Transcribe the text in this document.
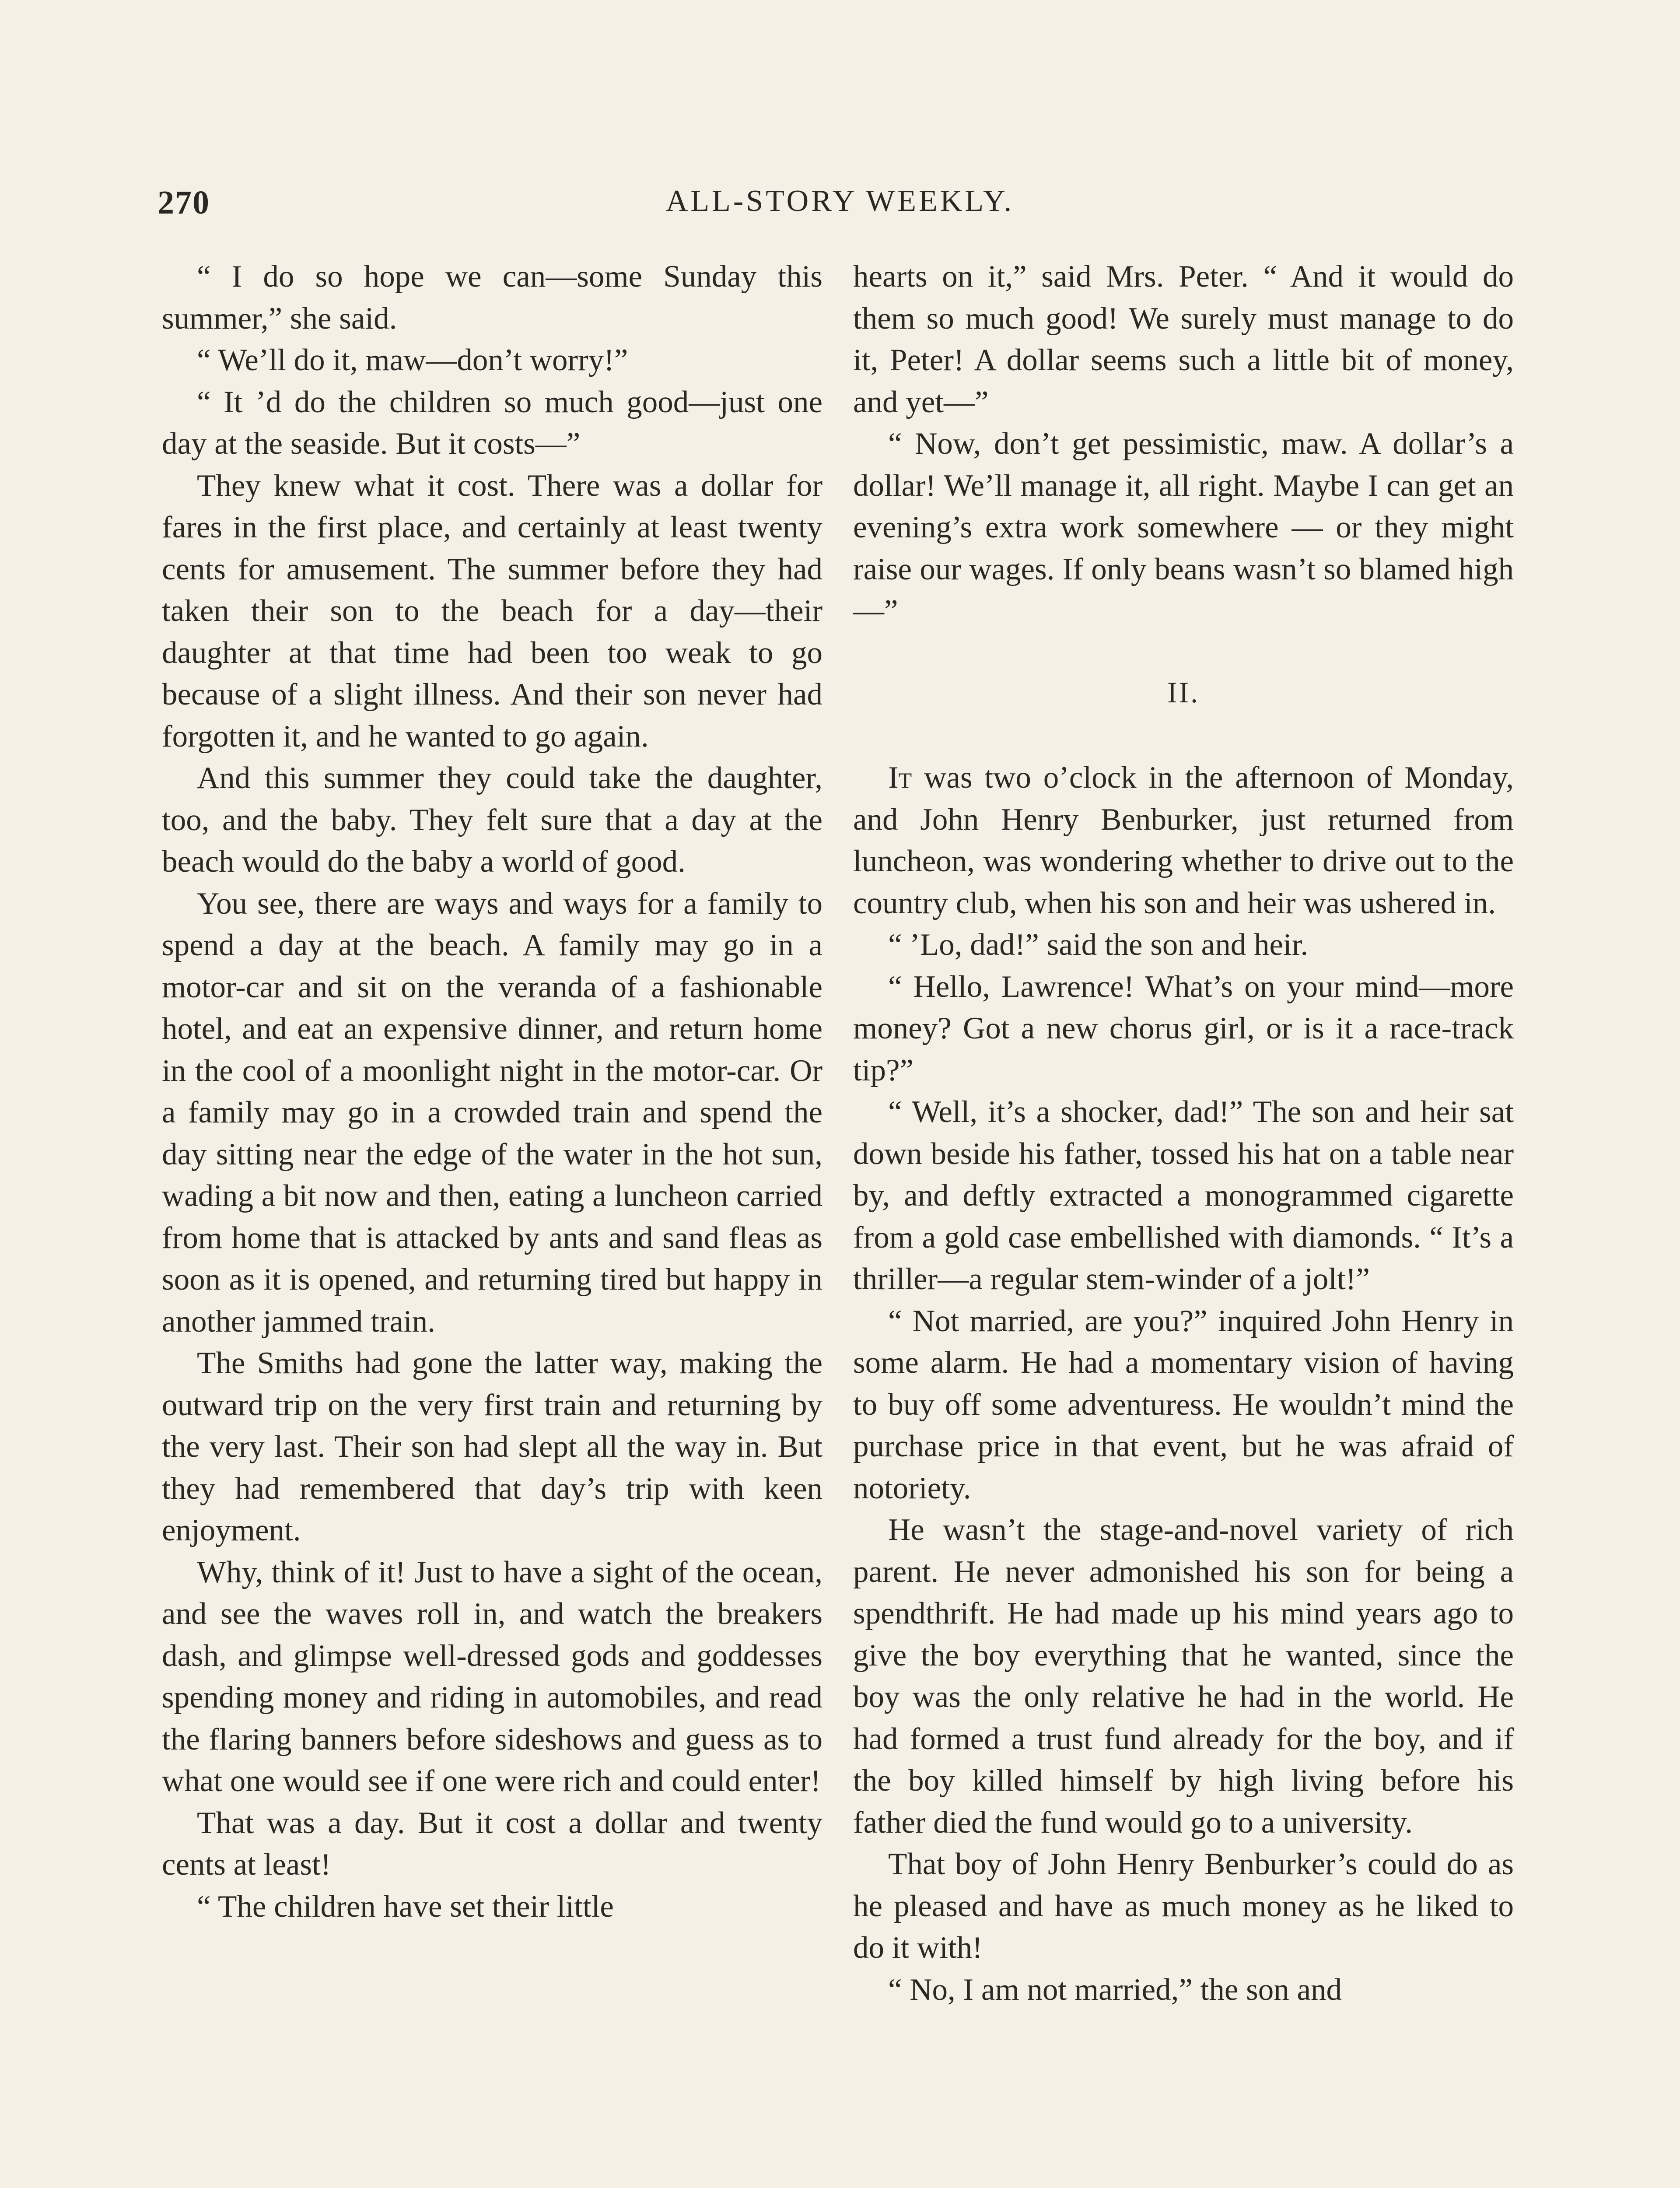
270	ALL-STORY WEEKLY.

“ I do so hope we can—some Sunday this summer,” she said.

“ We’ll do it, maw—don’t worry!”

“ It ’d do the children so much good—just one day at the seaside. But it costs—”

They knew what it cost. There was a dollar for fares in the first place, and certainly at least twenty cents for amusement. The summer before they had taken their son to the beach for a day—their daughter at that time had been too weak to go because of a slight illness. And their son never had forgotten it, and he wanted to go again.

And this summer they could take the daughter, too, and the baby. They felt sure that a day at the beach would do the baby a world of good.

You see, there are ways and ways for a family to spend a day at the beach. A family may go in a motor-car and sit on the veranda of a fashionable hotel, and eat an expensive dinner, and return home in the cool of a moonlight night in the motor-car. Or a family may go in a crowded train and spend the day sitting near the edge of the water in the hot sun, wading a bit now and then, eating a luncheon carried from home that is attacked by ants and sand fleas as soon as it is opened, and returning tired but happy in another jammed train.

The Smiths had gone the latter way, making the outward trip on the very first train and returning by the very last. Their son had slept all the way in. But they had remembered that day’s trip with keen enjoyment.

Why, think of it! Just to have a sight of the ocean, and see the waves roll in, and watch the breakers dash, and glimpse well-dressed gods and goddesses spending money and riding in automobiles, and read the flaring banners before sideshows and guess as to what one would see if one were rich and could enter!

That was a day. But it cost a dollar and twenty cents at least!

“ The children have set their little

hearts on it,” said Mrs. Peter. “ And it would do them so much good! We surely must manage to do it, Peter! A dollar seems such a little bit of money, and yet—”

“ Now, don’t get pessimistic, maw. A dollar’s a dollar! We’ll manage it, all right. Maybe I can get an evening’s extra work somewhere — or they might raise our wages. If only beans wasn’t so blamed high—”

II.

It was two o’clock in the afternoon of Monday, and John Henry Benburker, just returned from luncheon, was wondering whether to drive out to the country club, when his son and heir was ushered in.

“ ’Lo, dad!” said the son and heir.

“ Hello, Lawrence! What’s on your mind—more money? Got a new chorus girl, or is it a race-track tip?”

“ Well, it’s a shocker, dad!” The son and heir sat down beside his father, tossed his hat on a table near by, and deftly extracted a monogrammed cigarette from a gold case embellished with diamonds. “ It’s a thriller—a regular stem-winder of a jolt!”

“ Not married, are you?” inquired John Henry in some alarm. He had a momentary vision of having to buy off some adventuress. He wouldn’t mind the purchase price in that event, but he was afraid of notoriety.

He wasn’t the stage-and-novel variety of rich parent. He never admonished his son for being a spendthrift. He had made up his mind years ago to give the boy everything that he wanted, since the boy was the only relative he had in the world. He had formed a trust fund already for the boy, and if the boy killed himself by high living before his father died the fund would go to a university.

That boy of John Henry Benburker’s could do as he pleased and have as much money as he liked to do it with!

“ No, I am not married,” the son and
